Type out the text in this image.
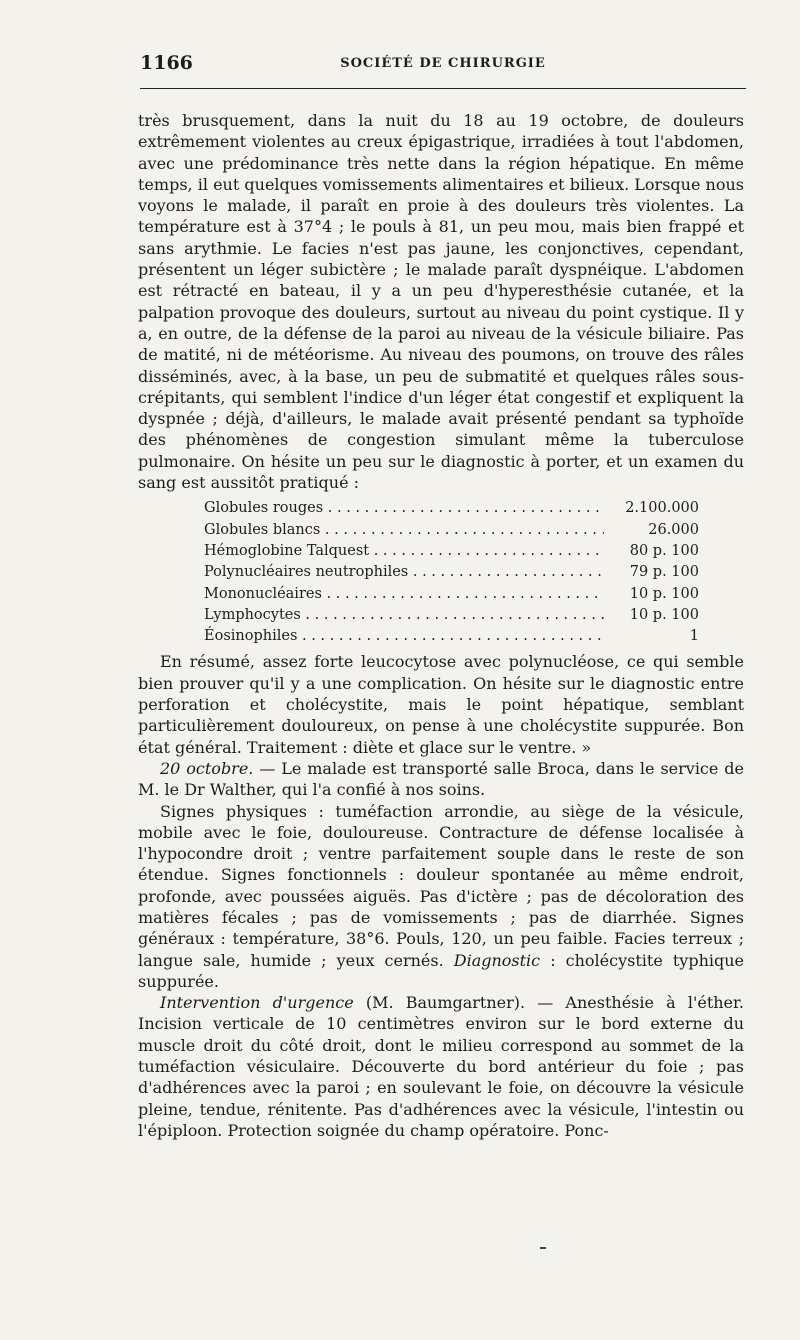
1166	SOCIÉTÉ DE CHIRURGIE

très brusquement, dans la nuit du 18 au 19 octobre, de douleurs extrêmement violentes au creux épigastrique, irradiées à tout l'abdomen, avec une prédominance très nette dans la région hépatique. En même temps, il eut quelques vomissements alimentaires et bilieux. Lorsque nous voyons le malade, il paraît en proie à des douleurs très violentes. La température est à 37°4 ; le pouls à 81, un peu mou, mais bien frappé et sans arythmie. Le facies n'est pas jaune, les conjonctives, cependant, présentent un léger subictère ; le malade paraît dyspnéique. L'abdomen est rétracté en bateau, il y a un peu d'hyperesthésie cutanée, et la palpation provoque des douleurs, surtout au niveau du point cystique. Il y a, en outre, de la défense de la paroi au niveau de la vésicule biliaire. Pas de matité, ni de météorisme. Au niveau des poumons, on trouve des râles disséminés, avec, à la base, un peu de submatité et quelques râles sous-crépitants, qui semblent l'indice d'un léger état congestif et expliquent la dyspnée ; déjà, d'ailleurs, le malade avait présenté pendant sa typhoïde des phénomènes de congestion simulant même la tuberculose pulmonaire. On hésite un peu sur le diagnostic à porter, et un examen du sang est aussitôt pratiqué :

Globules rouges . . .	2.100.000
Globules blancs . . .	26.000
Hémoglobine Talquest . . .	80 p. 100
Polynucléaires neutrophiles . . .	79 p. 100
Mononucléaires . . .	10 p. 100
Lymphocytes . . .	10 p. 100
Éosinophiles . . .	1

En résumé, assez forte leucocytose avec polynucléose, ce qui semble bien prouver qu'il y a une complication. On hésite sur le diagnostic entre perforation et cholécystite, mais le point hépatique, semblant particulièrement douloureux, on pense à une cholécystite suppurée. Bon état général. Traitement : diète et glace sur le ventre. »

20 octobre. — Le malade est transporté salle Broca, dans le service de M. le Dr Walther, qui l'a confié à nos soins.

Signes physiques : tuméfaction arrondie, au siège de la vésicule, mobile avec le foie, douloureuse. Contracture de défense localisée à l'hypocondre droit ; ventre parfaitement souple dans le reste de son étendue. Signes fonctionnels : douleur spontanée au même endroit, profonde, avec poussées aiguës. Pas d'ictère ; pas de décoloration des matières fécales ; pas de vomissements ; pas de diarrhée. Signes généraux : température, 38°6. Pouls, 120, un peu faible. Facies terreux ; langue sale, humide ; yeux cernés. Diagnostic : cholécystite typhique suppurée.

Intervention d'urgence (M. Baumgartner). — Anesthésie à l'éther. Incision verticale de 10 centimètres environ sur le bord externe du muscle droit du côté droit, dont le milieu correspond au sommet de la tuméfaction vésiculaire. Découverte du bord antérieur du foie ; pas d'adhérences avec la paroi ; en soulevant le foie, on découvre la vésicule pleine, tendue, rénitente. Pas d'adhérences avec la vésicule, l'intestin ou l'épiploon. Protection soignée du champ opératoire. Ponc-
